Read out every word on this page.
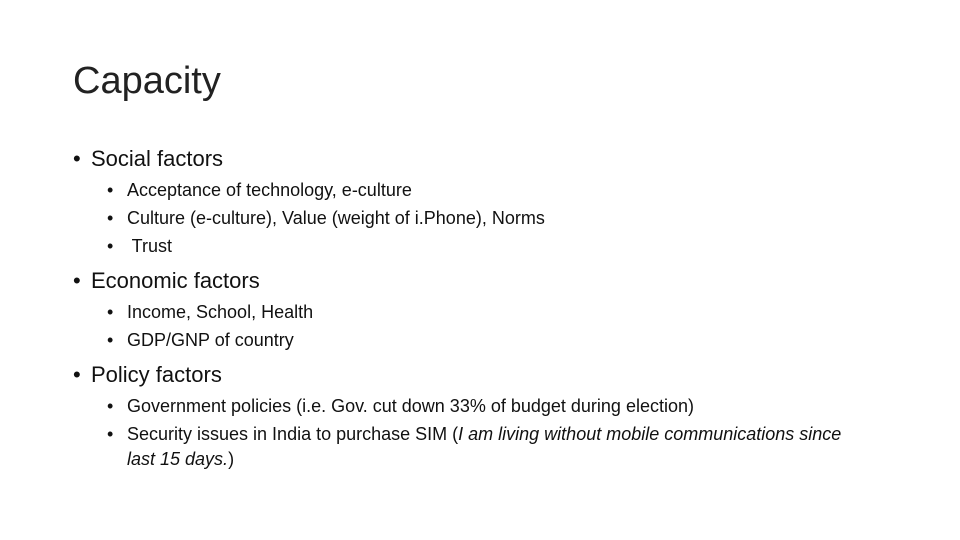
Capacity
• Social factors
• Acceptance of technology, e-culture
• Culture (e-culture), Value (weight of i.Phone), Norms
• Trust
• Economic factors
• Income, School, Health
• GDP/GNP of country
• Policy factors
• Government policies (i.e. Gov. cut down 33% of budget during election)
• Security issues in India to purchase SIM (I am living without mobile communications since last 15 days.)
